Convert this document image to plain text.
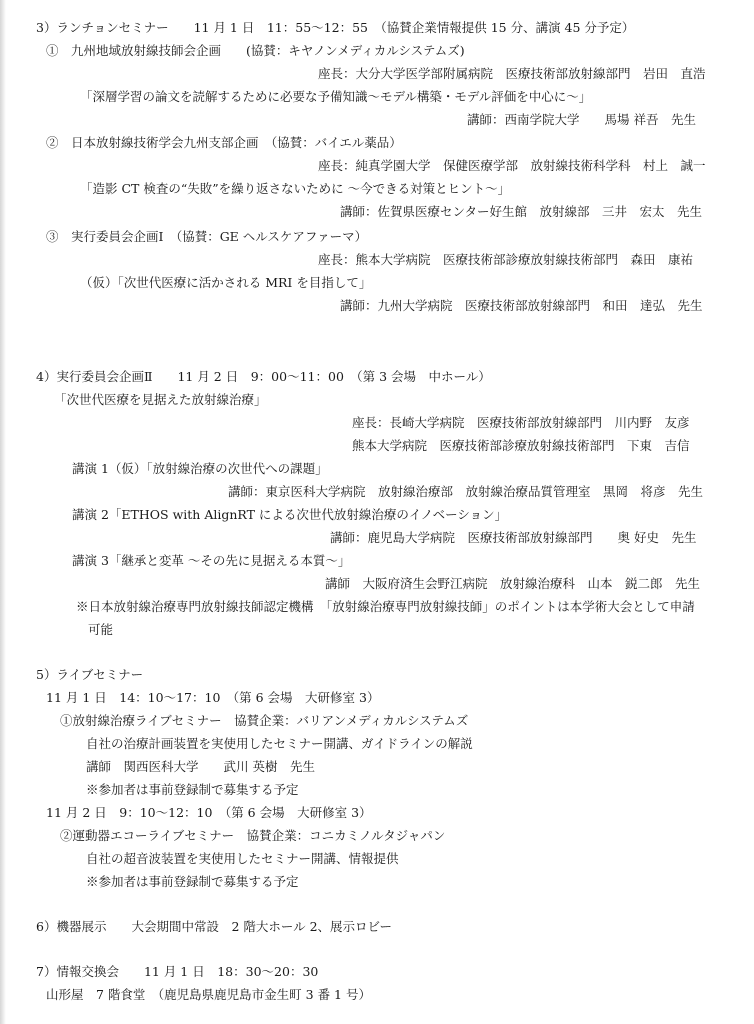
3）ランチョンセミナー　　11 月 1 日　11：55〜12：55　（協賛企業情報提供 15 分、講演 45 分予定）
①　九州地域放射線技師会企画　　(協賛：キヤノンメディカルシステムズ)
座長：大分大学医学部附属病院　医療技術部放射線部門　岩田　直浩
「深層学習の論文を読解するために必要な予備知識〜モデル構築・モデル評価を中心に〜」
講師：西南学院大学　　馬場 祥吾　先生
②　日本放射線技術学会九州支部企画　（協賛：バイエル薬品）
座長：純真学園大学　保健医療学部　放射線技術科学科　村上　誠一
「造影 CT 検査の“失敗”を繰り返さないために 〜今できる対策とヒント〜」
講師：佐賀県医療センター好生館　放射線部　三井　宏太　先生
③　実行委員会企画Ⅰ　（協賛：GE ヘルスケアファーマ）
座長：熊本大学病院　医療技術部診療放射線技術部門　森田　康祐
（仮）「次世代医療に活かされる MRI を目指して」
講師：九州大学病院　医療技術部放射線部門　和田　達弘　先生
4）実行委員会企画Ⅱ　　11 月 2 日　9：00〜11：00　（第 3 会場　中ホール）
「次世代医療を見据えた放射線治療」
座長：長崎大学病院　医療技術部放射線部門　川内野　友彦
熊本大学病院　医療技術部診療放射線技術部門　下東　吉信
講演 1（仮）「放射線治療の次世代への課題」
講師：東京医科大学病院　放射線治療部　放射線治療品質管理室　黒岡　将彦　先生
講演 2「ETHOS with AlignRT による次世代放射線治療のイノベーション」
講師：鹿児島大学病院　医療技術部放射線部門　　奥 好史　先生
講演 3「継承と変革 〜その先に見据える本質〜」
講師　大阪府済生会野江病院　放射線治療科　山本　鋭二郎　先生
※日本放射線治療専門放射線技師認定機構　「放射線治療専門放射線技師」のポイントは本学術大会として申請
可能
5）ライブセミナー
11 月 1 日　14：10〜17：10　（第 6 会場　大研修室 3）
①放射線治療ライブセミナー　協賛企業：バリアンメディカルシステムズ
自社の治療計画装置を実使用したセミナー開講、ガイドラインの解説
講師　関西医科大学　　武川 英樹　先生
※参加者は事前登録制で募集する予定
11 月 2 日　9：10〜12：10　（第 6 会場　大研修室 3）
②運動器エコーライブセミナー　協賛企業：コニカミノルタジャパン
自社の超音波装置を実使用したセミナー開講、情報提供
※参加者は事前登録制で募集する予定
6）機器展示　　大会期間中常設　2 階大ホール 2、展示ロビー
7）情報交換会　　11 月 1 日　18：30〜20：30
山形屋　7 階食堂　（鹿児島県鹿児島市金生町 3 番 1 号）
